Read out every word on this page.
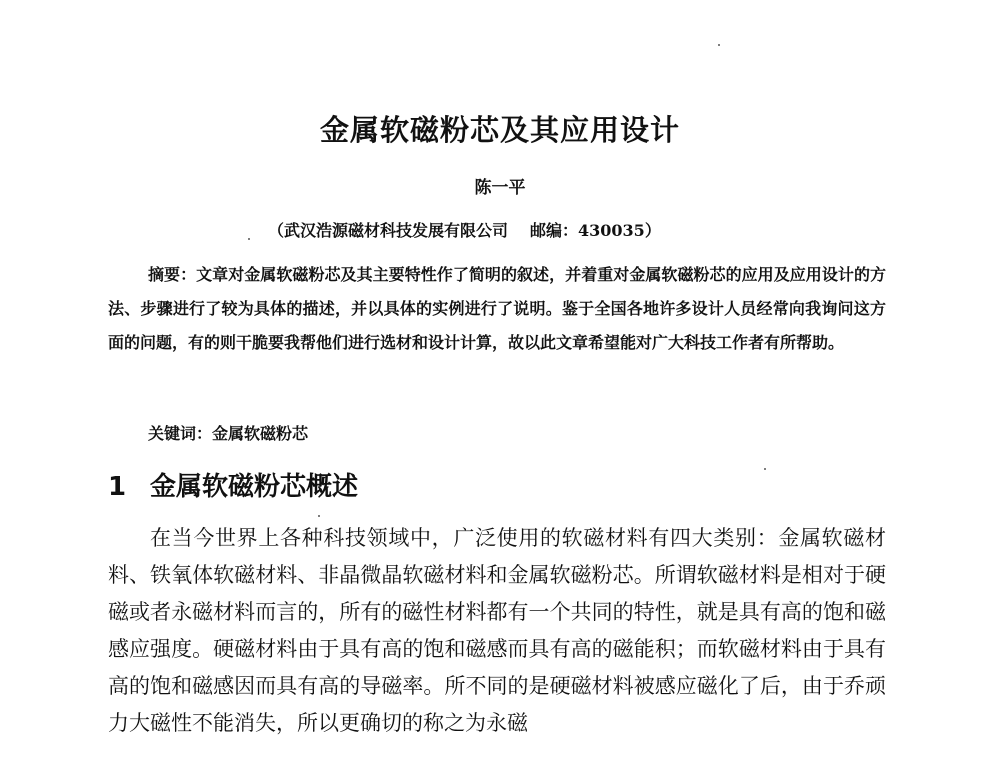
金属软磁粉芯及其应用设计
陈一平
（武汉浩源磁材科技发展有限公司 邮编：430035）

摘要：文章对金属软磁粉芯及其主要特性作了简明的叙述，并着重对金属软磁粉芯的应用及应用设计的方法、步骤进行了较为具体的描述，并以具体的实例进行了说明。鉴于全国各地许多设计人员经常向我询问这方面的问题，有的则干脆要我帮他们进行选材和设计计算，故以此文章希望能对广大科技工作者有所帮助。

关键词：金属软磁粉芯
1 金属软磁粉芯概述

在当今世界上各种科技领域中，广泛使用的软磁材料有四大类别：金属软磁材料、铁氧体软磁材料、非晶微晶软磁材料和金属软磁粉芯。所谓软磁材料是相对于硬磁或者永磁材料而言的，所有的磁性材料都有一个共同的特性，就是具有高的饱和磁感应强度。硬磁材料由于具有高的饱和磁感而具有高的磁能积；而软磁材料由于具有高的饱和磁感因而具有高的导磁率。所不同的是硬磁材料被感应磁化了后，由于乔顽力大磁性不能消失，所以更确切的称之为永磁
